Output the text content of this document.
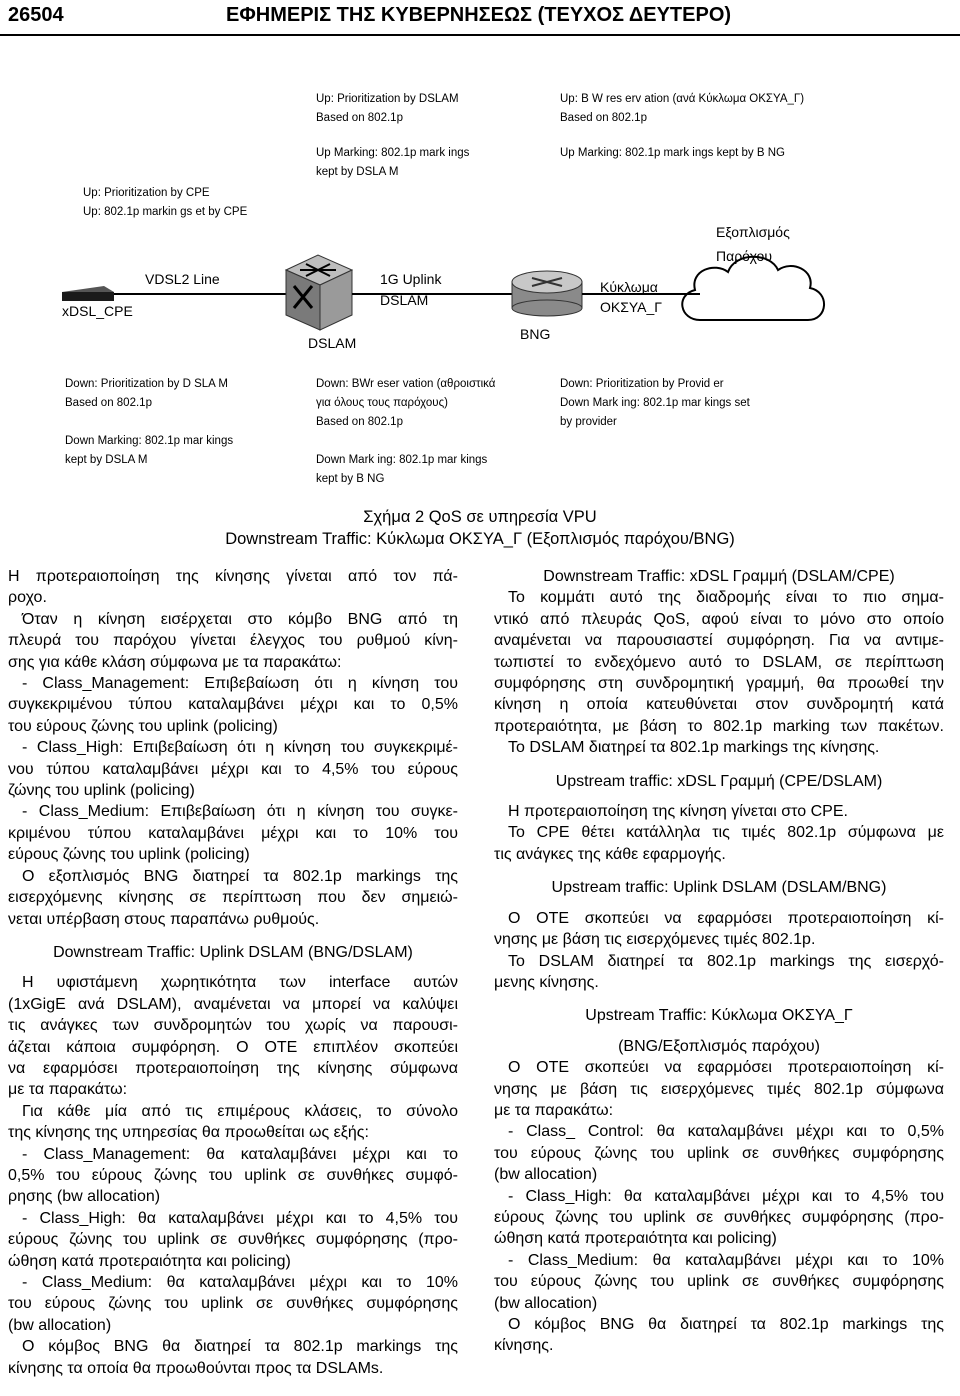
26504	ΕΦΗΜΕΡΙΣ ΤΗΣ ΚΥΒΕΡΝΗΣΕΩΣ (ΤΕΥΧΟΣ ΔΕΥΤΕΡΟ)
Up: Prioritization by CPE
Up: 802.1p markin gs et by CPE
Up: Prioritization by DSLAM
Based on 802.1p
Up Marking: 802.1p mark ings
kept by DSLA M
Up: B W res erv ation (ανά Κύκλωμα ΟΚΣΥΑ_Γ)
Based on 802.1p
Up Marking: 802.1p mark ings kept by B NG
Εξοπλισμός
Παρόχου
VDSL2 Line
xDSL_CPE
1G Uplink
DSLAM
DSLAM
BNG
Κύκλωμα
ΟΚΣΥΑ_Γ
Down: Prioritization by D SLA M
Based on 802.1p
Down Marking: 802.1p mar kings
kept by DSLA M
Down: BWr eser vation (αθροιστικά
για όλους τους παρόχους)
Based on 802.1p
Down Mark ing: 802.1p mar kings
kept by B NG
Down: Prioritization by Provid er
Down Mark ing: 802.1p mar kings set
by provider
Σχήμα 2 QoS σε υπηρεσία VPU
Downstream Traffic: Κύκλωμα ΟΚΣΥΑ_Γ (Εξοπλισμός παρόχου/BNG)

Η προτεραιοποίηση της κίνησης γίνεται από τον πά-

ροχο.

Όταν η κίνηση εισέρχεται στο κόμβο BNG από τη

πλευρά του παρόχου γίνεται έλεγχος του ρυθμού κίνη-

σης για κάθε κλάση σύμφωνα με τα παρακάτω:

- Class_Management: Επιβεβαίωση ότι η κίνηση του

συγκεκριμένου τύπου καταλαμβάνει μέχρι και το 0,5%

του εύρους ζώνης του uplink (policing)

- Class_High: Επιβεβαίωση ότι η κίνηση του συγκεκριμέ-

νου τύπου καταλαμβάνει μέχρι και το 4,5% του εύρους

ζώνης του uplink (policing)

- Class_Medium: Επιβεβαίωση ότι η κίνηση του συγκε-

κριμένου τύπου καταλαμβάνει μέχρι και το 10% του

εύρους ζώνης του uplink (policing)

Ο εξοπλισμός BNG διατηρεί τα 802.1p markings της

εισερχόμενης κίνησης σε περίπτωση που δεν σημειώ-

νεται υπέρβαση στους παραπάνω ρυθμούς.

Downstream Traffic: Uplink DSLAM (BNG/DSLAM)

Η υφιστάμενη χωρητικότητα των interface αυτών

(1xGigE ανά DSLAM), αναμένεται να μπορεί να καλύψει

τις ανάγκες των συνδρομητών του χωρίς να παρουσι-

άζεται κάποια συμφόρηση. Ο ΟΤΕ επιπλέον σκοπεύει

να εφαρμόσει προτεραιοποίηση της κίνησης σύμφωνα

με τα παρακάτω:

Για κάθε μία από τις επιμέρους κλάσεις, το σύνολο

της κίνησης της υπηρεσίας θα προωθείται ως εξής:

- Class_Management: θα καταλαμβάνει μέχρι και το

0,5% του εύρους ζώνης του uplink σε συνθήκες συμφό-

ρησης (bw allocation)

- Class_High: θα καταλαμβάνει μέχρι και το 4,5% του

εύρους ζώνης του uplink σε συνθήκες συμφόρησης (προ-

ώθηση κατά προτεραιότητα και policing)

- Class_Medium: θα καταλαμβάνει μέχρι και το 10%

του εύρους ζώνης του uplink σε συνθήκες συμφόρησης

(bw allocation)

Ο κόμβος BNG θα διατηρεί τα 802.1p markings της

κίνησης τα οποία θα προωθούνται προς τα DSLAMs.

Downstream Traffic: xDSL Γραμμή (DSLAM/CPE)

Το κομμάτι αυτό της διαδρομής είναι το πιο σημα-

ντικό από πλευράς QoS, αφού είναι το μόνο στο οποίο

αναμένεται να παρουσιαστεί συμφόρηση. Για να αντιμε-

τωπιστεί το ενδεχόμενο αυτό το DSLAM, σε περίπτωση

συμφόρησης στη συνδρομητική γραμμή, θα προωθεί την

κίνηση η οποία κατευθύνεται στον συνδρομητή κατά

προτεραιότητα, με βάση το 802.1p marking των πακέτων.

Το DSLAM διατηρεί τα 802.1p markings της κίνησης.

Upstream traffic: xDSL Γραμμή (CPE/DSLAM)

Η προτεραιοποίηση της κίνηση γίνεται στο CPE.

Το CPE θέτει κατάλληλα τις τιμές 802.1p σύμφωνα με

τις ανάγκες της κάθε εφαρμογής.

Upstream traffic: Uplink DSLAM (DSLAM/BNG)

Ο ΟΤΕ σκοπεύει να εφαρμόσει προτεραιοποίηση κί-

νησης με βάση τις εισερχόμενες τιμές 802.1p.

Το DSLAM διατηρεί τα 802.1p markings της εισερχό-

μενης κίνησης.

Upstream Traffic: Κύκλωμα ΟΚΣΥΑ_Γ

(BNG/Εξοπλισμός παρόχου)

Ο ΟΤΕ σκοπεύει να εφαρμόσει προτεραιοποίηση κί-

νησης με βάση τις εισερχόμενες τιμές 802.1p σύμφωνα

με τα παρακάτω:

- Class_ Control: θα καταλαμβάνει μέχρι και το 0,5%

του εύρους ζώνης του uplink σε συνθήκες συμφόρησης

(bw allocation)

- Class_High: θα καταλαμβάνει μέχρι και το 4,5% του

εύρους ζώνης του uplink σε συνθήκες συμφόρησης (προ-

ώθηση κατά προτεραιότητα και policing)

- Class_Medium: θα καταλαμβάνει μέχρι και το 10%

του εύρους ζώνης του uplink σε συνθήκες συμφόρησης

(bw allocation)

Ο κόμβος BNG θα διατηρεί τα 802.1p markings της

κίνησης.
